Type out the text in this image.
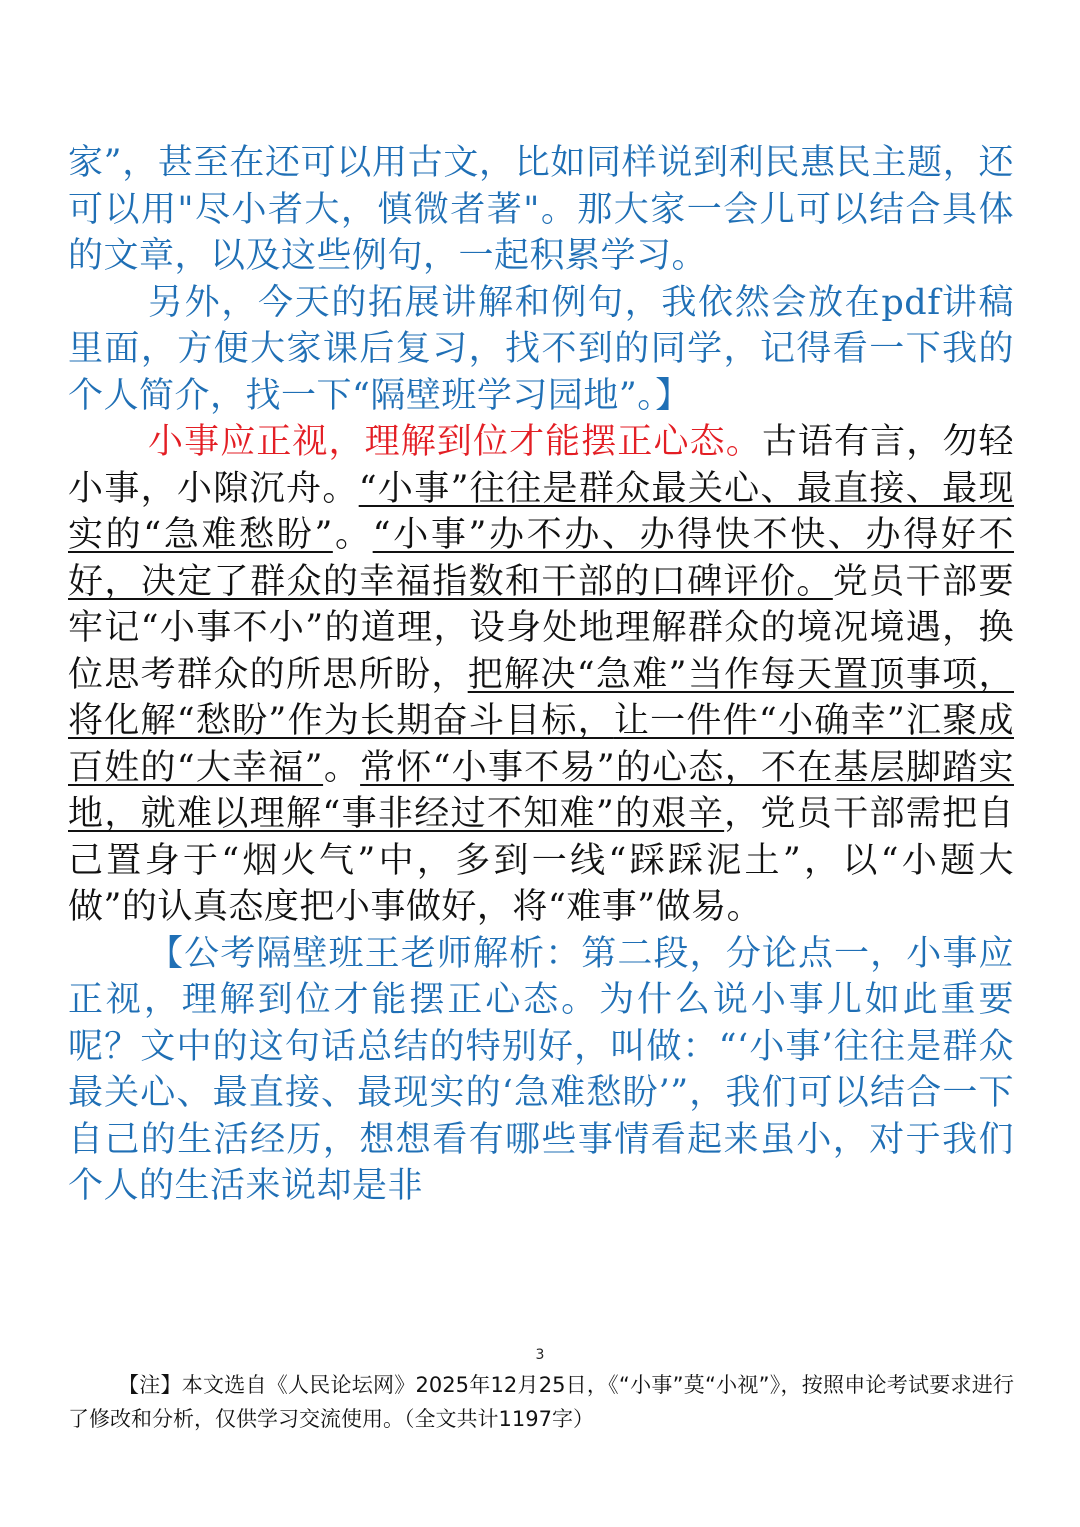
家”，甚至在还可以用古文，比如同样说到利民惠民主题，还可以用"尽小者大，慎微者著"。那大家一会儿可以结合具体的文章，以及这些例句，一起积累学习。

另外，今天的拓展讲解和例句，我依然会放在pdf讲稿里面，方便大家课后复习，找不到的同学，记得看一下我的个人简介，找一下“隔壁班学习园地”。】

小事应正视，理解到位才能摆正心态。古语有言，勿轻小事，小隙沉舟。“小事”往往是群众最关心、最直接、最现实的“急难愁盼”。“小事”办不办、办得快不快、办得好不好，决定了群众的幸福指数和干部的口碑评价。党员干部要牢记“小事不小”的道理，设身处地理解群众的境况境遇，换位思考群众的所思所盼，把解决“急难”当作每天置顶事项，将化解“愁盼”作为长期奋斗目标，让一件件“小确幸”汇聚成百姓的“大幸福”。常怀“小事不易”的心态，不在基层脚踏实地，就难以理解“事非经过不知难”的艰辛，党员干部需把自己置身于“烟火气”中，多到一线“踩踩泥土”，以“小题大做”的认真态度把小事做好，将“难事”做易。

【公考隔壁班王老师解析：第二段，分论点一，小事应正视，理解到位才能摆正心态。为什么说小事儿如此重要呢？文中的这句话总结的特别好，叫做：“‘小事’往往是群众最关心、最直接、最现实的‘急难愁盼’”，我们可以结合一下自己的生活经历，想想看有哪些事情看起来虽小，对于我们个人的生活来说却是非

3

【注】本文选自《人民论坛网》2025年12月25日，《“小事”莫“小视”》，按照申论考试要求进行了修改和分析，仅供学习交流使用。（全文共计1197字）
